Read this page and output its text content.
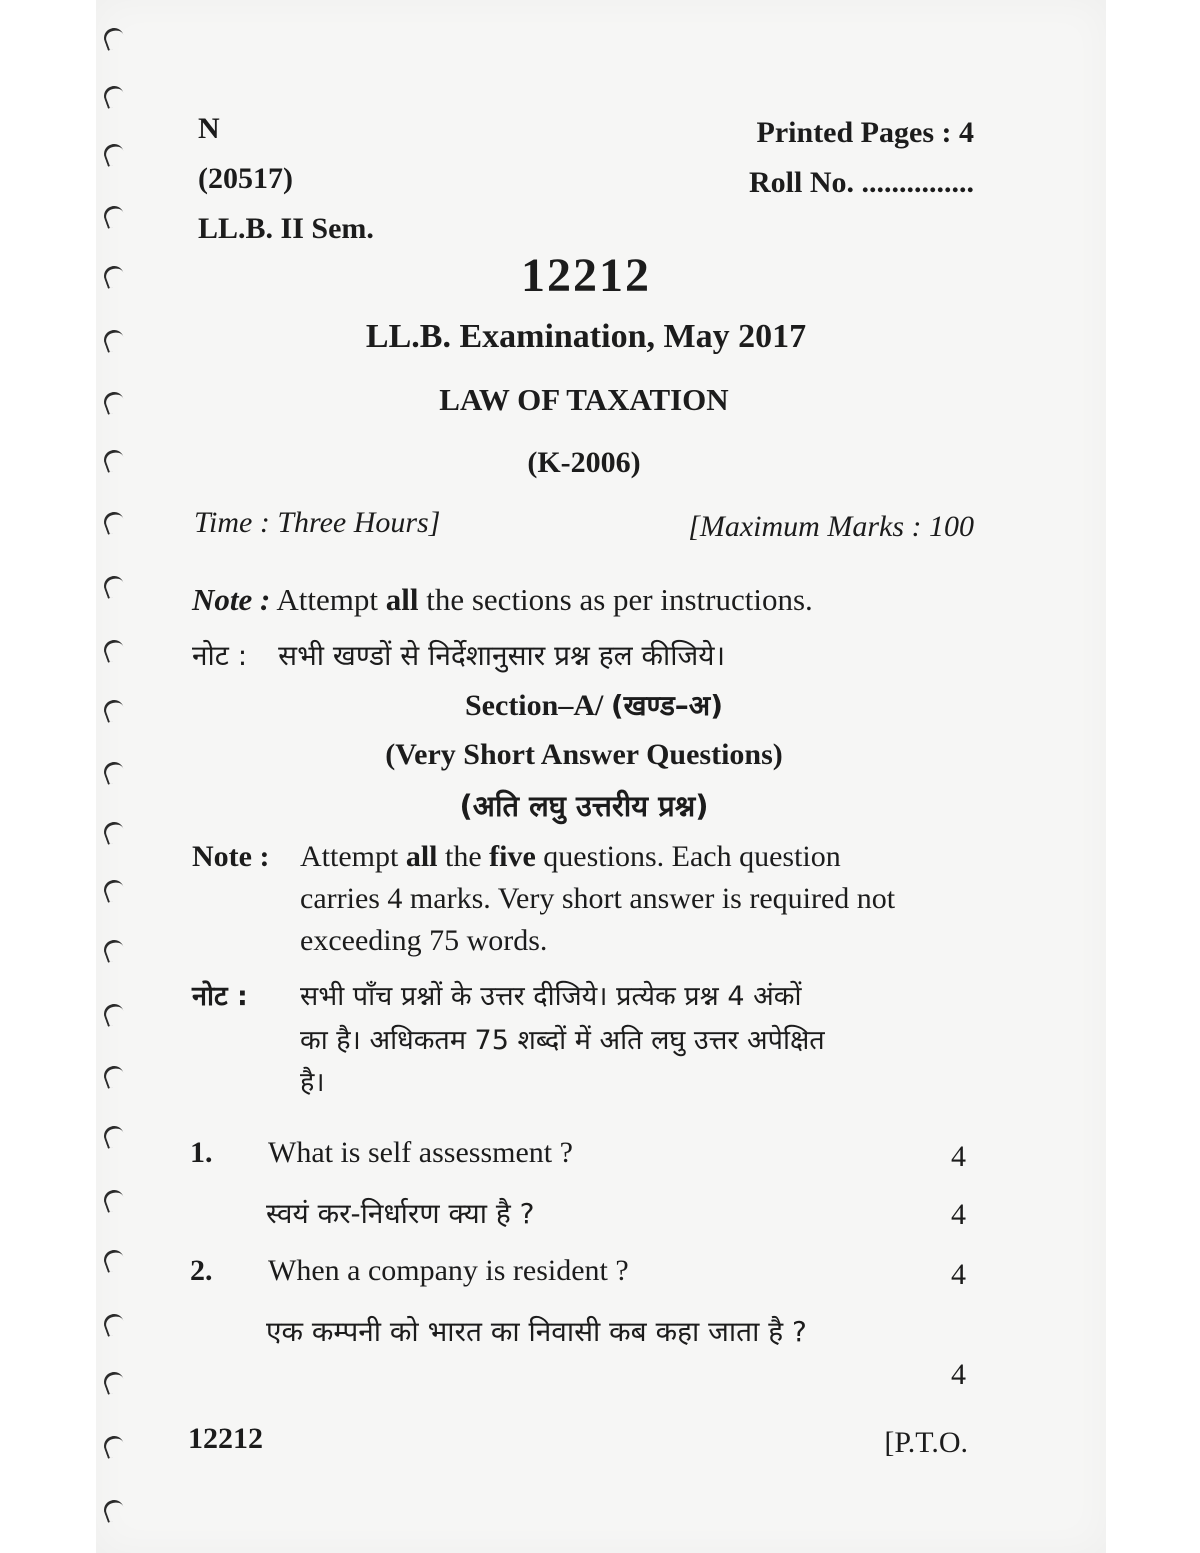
N
(20517)
LL.B. II Sem.
Printed Pages : 4
Roll No. ...............
12212
LL.B. Examination, May 2017
LAW OF TAXATION
(K-2006)
Time : Three Hours]	[Maximum Marks : 100
Note : Attempt all the sections as per instructions.
नोट : सभी खण्डों से निर्देशानुसार प्रश्न हल कीजिये।
Section–A/ (खण्ड–अ)
(Very Short Answer Questions)
(अति लघु उत्तरीय प्रश्न)
Note : Attempt all the five questions. Each question
carries 4 marks. Very short answer is required not
exceeding 75 words.
नोट : सभी पाँच प्रश्नों के उत्तर दीजिये। प्रत्येक प्रश्न 4 अंकों
का है। अधिकतम 75 शब्दों में अति लघु उत्तर अपेक्षित
है।
1. What is self assessment ?	4
स्वयं कर-निर्धारण क्या है ?	4
2. When a company is resident ?	4
एक कम्पनी को भारत का निवासी कब कहा जाता है ?
4
12212	[P.T.O.
